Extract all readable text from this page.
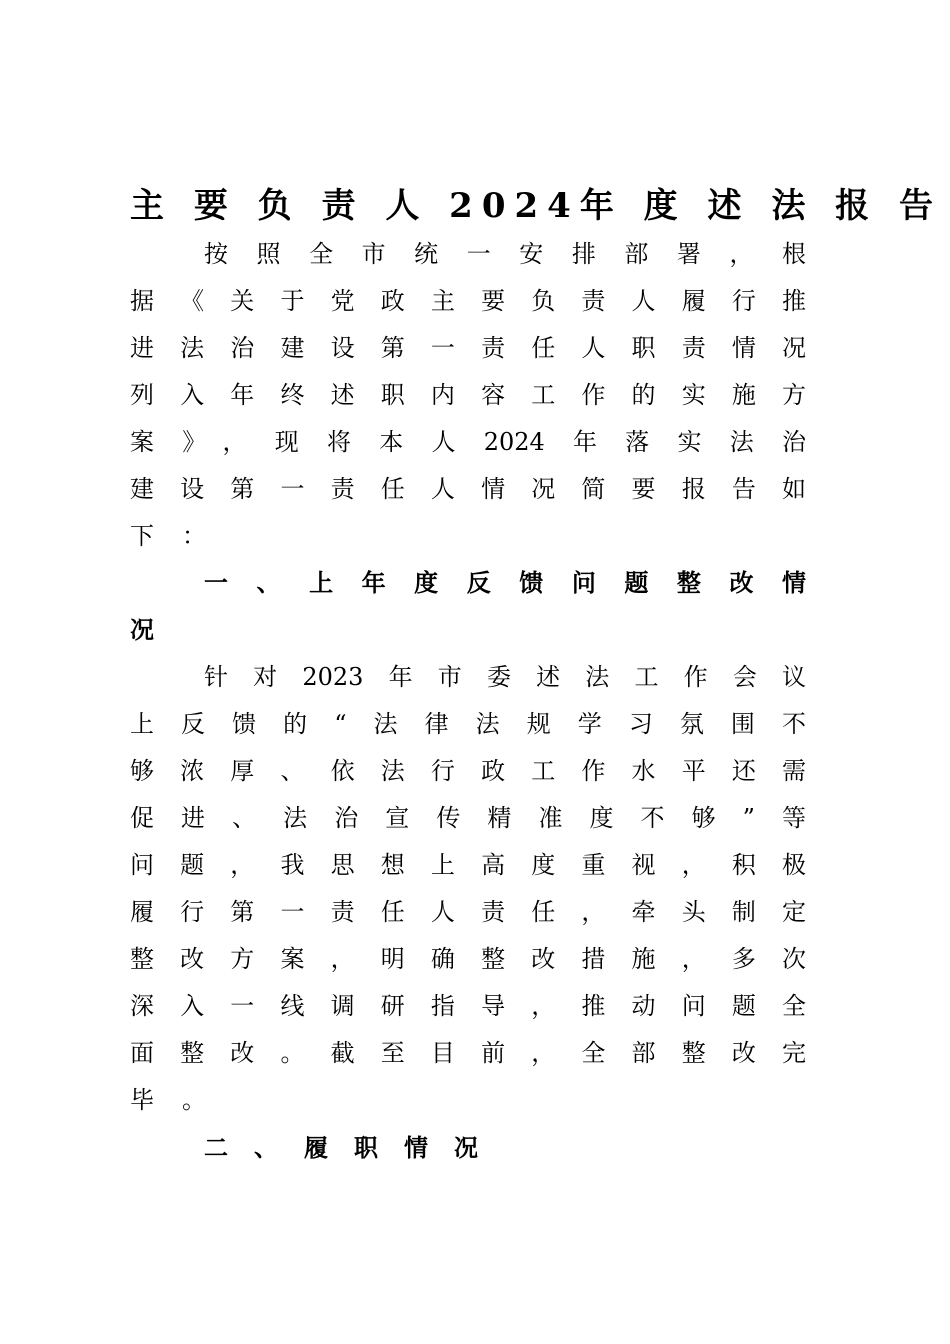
主 要 负 责 人 2024年 度 述 法 报 告
按照全市统一安排部署，根
据《关于党政主要负责人履行推
进法治建设第一责任人职责情况
列入年终述职内容工作的实施方
案》，现将本人2024年落实法治
建设第一责任人情况简要报告如
下：
一、上年度反馈问题整改情
况
针对2023年市委述法工作会议
上反馈的“法律法规学习氛围不
够浓厚、依法行政工作水平还需
促进、法治宣传精准度不够”等
问题，我思想上高度重视，积极
履行第一责任人责任，牵头制定
整改方案，明确整改措施，多次
深入一线调研指导，推动问题全
面整改。截至目前，全部整改完
毕。
二、履职情况
